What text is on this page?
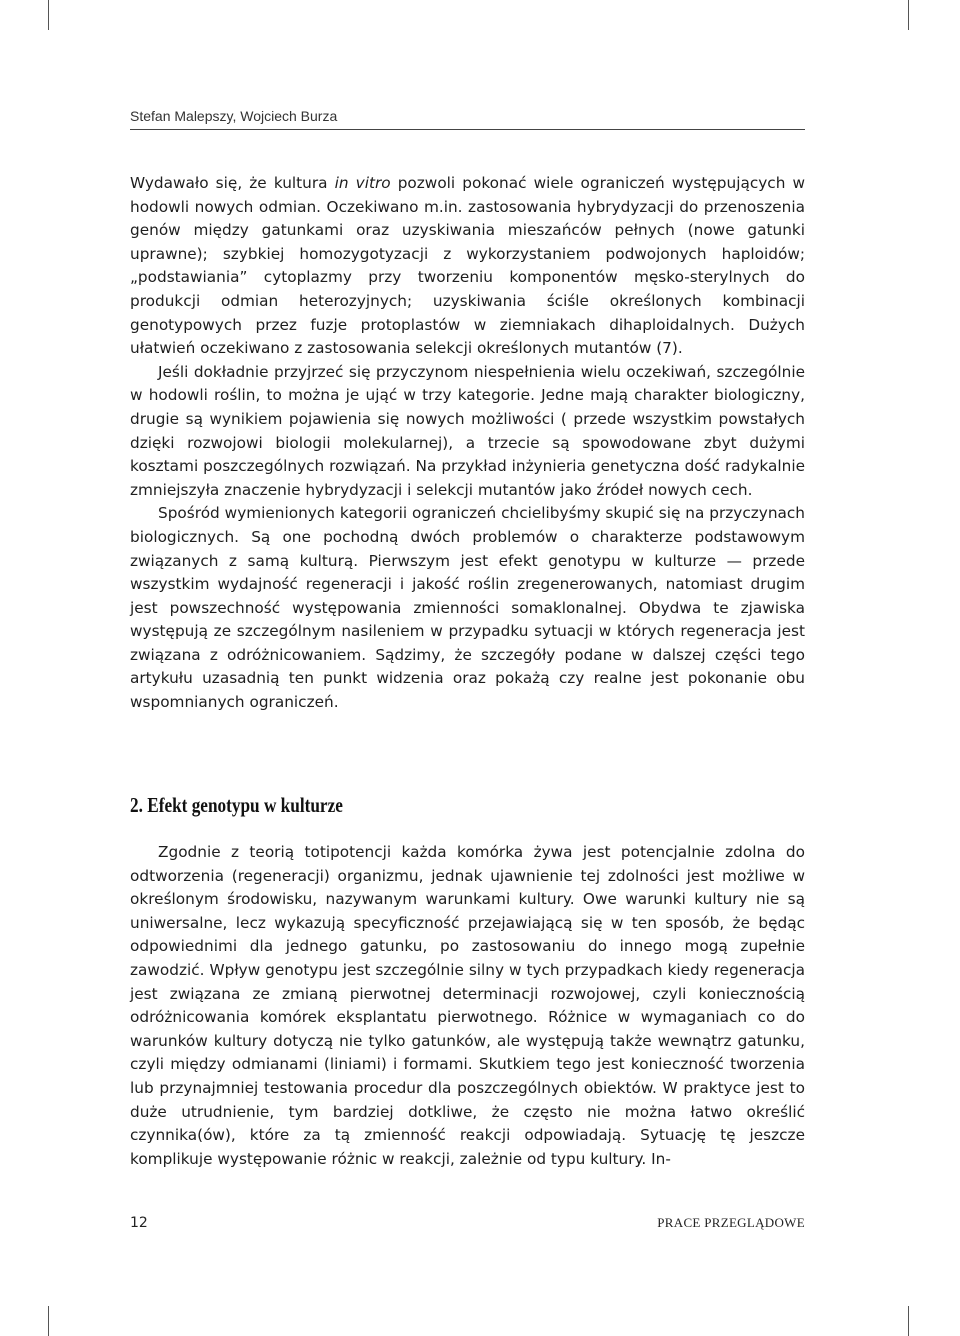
Stefan Malepszy, Wojciech Burza

Wydawało się, że kultura in vitro pozwoli pokonać wiele ograniczeń występujących w hodowli nowych odmian. Oczekiwano m.in. zastosowania hybrydyzacji do przenoszenia genów między gatunkami oraz uzyskiwania mieszańców pełnych (nowe gatunki uprawne); szybkiej homozygotyzacji z wykorzystaniem podwojonych haploidów; „podstawiania” cytoplazmy przy tworzeniu komponentów męsko-sterylnych do produkcji odmian heterozyjnych; uzyskiwania ściśle określonych kombinacji genotypowych przez fuzje protoplastów w ziemniakach dihaploidalnych. Dużych ułatwień oczekiwano z zastosowania selekcji określonych mutantów (7).

Jeśli dokładnie przyjrzeć się przyczynom niespełnienia wielu oczekiwań, szczególnie w hodowli roślin, to można je ująć w trzy kategorie. Jedne mają charakter biologiczny, drugie są wynikiem pojawienia się nowych możliwości ( przede wszystkim powstałych dzięki rozwojowi biologii molekularnej), a trzecie są spowodowane zbyt dużymi kosztami poszczególnych rozwiązań. Na przykład inżynieria genetyczna dość radykalnie zmniejszyła znaczenie hybrydyzacji i selekcji mutantów jako źródeł nowych cech.

Spośród wymienionych kategorii ograniczeń chcielibyśmy skupić się na przyczynach biologicznych. Są one pochodną dwóch problemów o charakterze podstawowym związanych z samą kulturą. Pierwszym jest efekt genotypu w kulturze — przede wszystkim wydajność regeneracji i jakość roślin zregenerowanych, natomiast drugim jest powszechność występowania zmienności somaklonalnej. Obydwa te zjawiska występują ze szczególnym nasileniem w przypadku sytuacji w których regeneracja jest związana z odróżnicowaniem. Sądzimy, że szczegóły podane w dalszej części tego artykułu uzasadnią ten punkt widzenia oraz pokażą czy realne jest pokonanie obu wspomnianych ograniczeń.

2. Efekt genotypu w kulturze

Zgodnie z teorią totipotencji każda komórka żywa jest potencjalnie zdolna do odtworzenia (regeneracji) organizmu, jednak ujawnienie tej zdolności jest możliwe w określonym środowisku, nazywanym warunkami kultury. Owe warunki kultury nie są uniwersalne, lecz wykazują specyficzność przejawiającą się w ten sposób, że będąc odpowiednimi dla jednego gatunku, po zastosowaniu do innego mogą zupełnie zawodzić. Wpływ genotypu jest szczególnie silny w tych przypadkach kiedy regeneracja jest związana ze zmianą pierwotnej determinacji rozwojowej, czyli koniecznością odróżnicowania komórek eksplantatu pierwotnego. Różnice w wymaganiach co do warunków kultury dotyczą nie tylko gatunków, ale występują także wewnątrz gatunku, czyli między odmianami (liniami) i formami. Skutkiem tego jest konieczność tworzenia lub przynajmniej testowania procedur dla poszczególnych obiektów. W praktyce jest to duże utrudnienie, tym bardziej dotkliwe, że często nie można łatwo określić czynnika(ów), które za tą zmienność reakcji odpowiadają. Sytuację tę jeszcze komplikuje występowanie różnic w reakcji, zależnie od typu kultury. In-

12	PRACE PRZEGLĄDOWE
